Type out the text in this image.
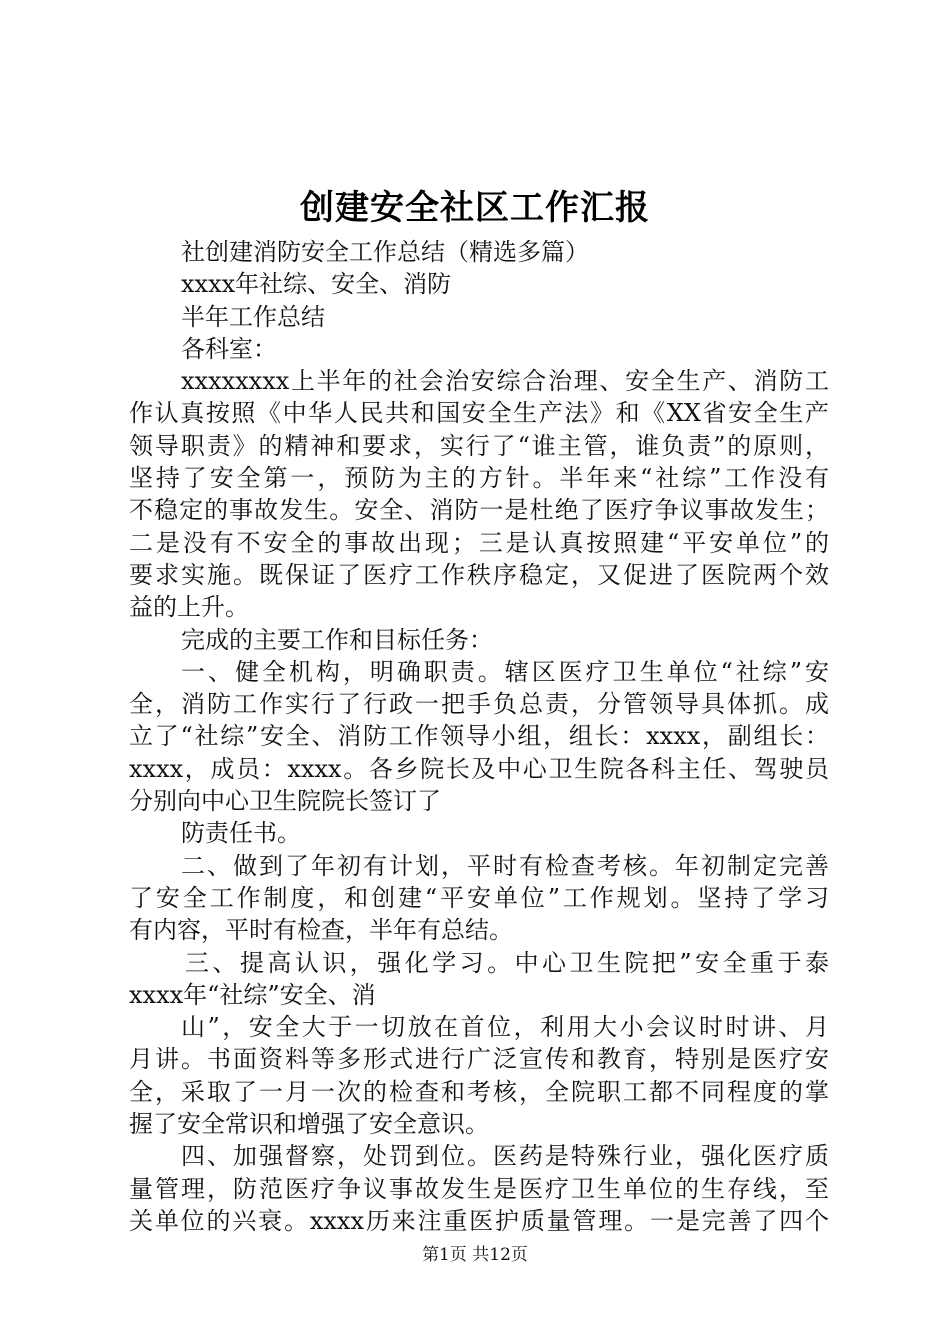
创建安全社区工作汇报
社创建消防安全工作总结（精选多篇）
xxxx年社综、安全、消防
半年工作总结
各科室：
xxxxxxxx上半年的社会治安综合治理、安全生产、消防工
作认真按照《中华人民共和国安全生产法》和《XX省安全生产
领导职责》的精神和要求，实行了“谁主管，谁负责”的原则，
坚持了安全第一，预防为主的方针。半年来“社综”工作没有
不稳定的事故发生。安全、消防一是杜绝了医疗争议事故发生；
二是没有不安全的事故出现；三是认真按照建“平安单位”的
要求实施。既保证了医疗工作秩序稳定，又促进了医院两个效
益的上升。
完成的主要工作和目标任务：
一、健全机构，明确职责。辖区医疗卫生单位“社综”安
全，消防工作实行了行政一把手负总责，分管领导具体抓。成
立了“社综”安全、消防工作领导小组，组长：xxxx，副组长：
xxxx，成员：xxxx。各乡院长及中心卫生院各科主任、驾驶员
分别向中心卫生院院长签订了
防责任书。
二、做到了年初有计划，平时有检查考核。年初制定完善
了安全工作制度，和创建“平安单位”工作规划。坚持了学习
有内容，平时有检查，半年有总结。
三、提高认识，强化学习。中心卫生院把”安全重于泰
xxxx年“社综”安全、消
山”，安全大于一切放在首位，利用大小会议时时讲、月
月讲。书面资料等多形式进行广泛宣传和教育，特别是医疗安
全，采取了一月一次的检查和考核，全院职工都不同程度的掌
握了安全常识和增强了安全意识。
四、加强督察，处罚到位。医药是特殊行业，强化医疗质
量管理，防范医疗争议事故发生是医疗卫生单位的生存线，至
关单位的兴衰。xxxx历来注重医护质量管理。一是完善了四个
第1页 共12页
